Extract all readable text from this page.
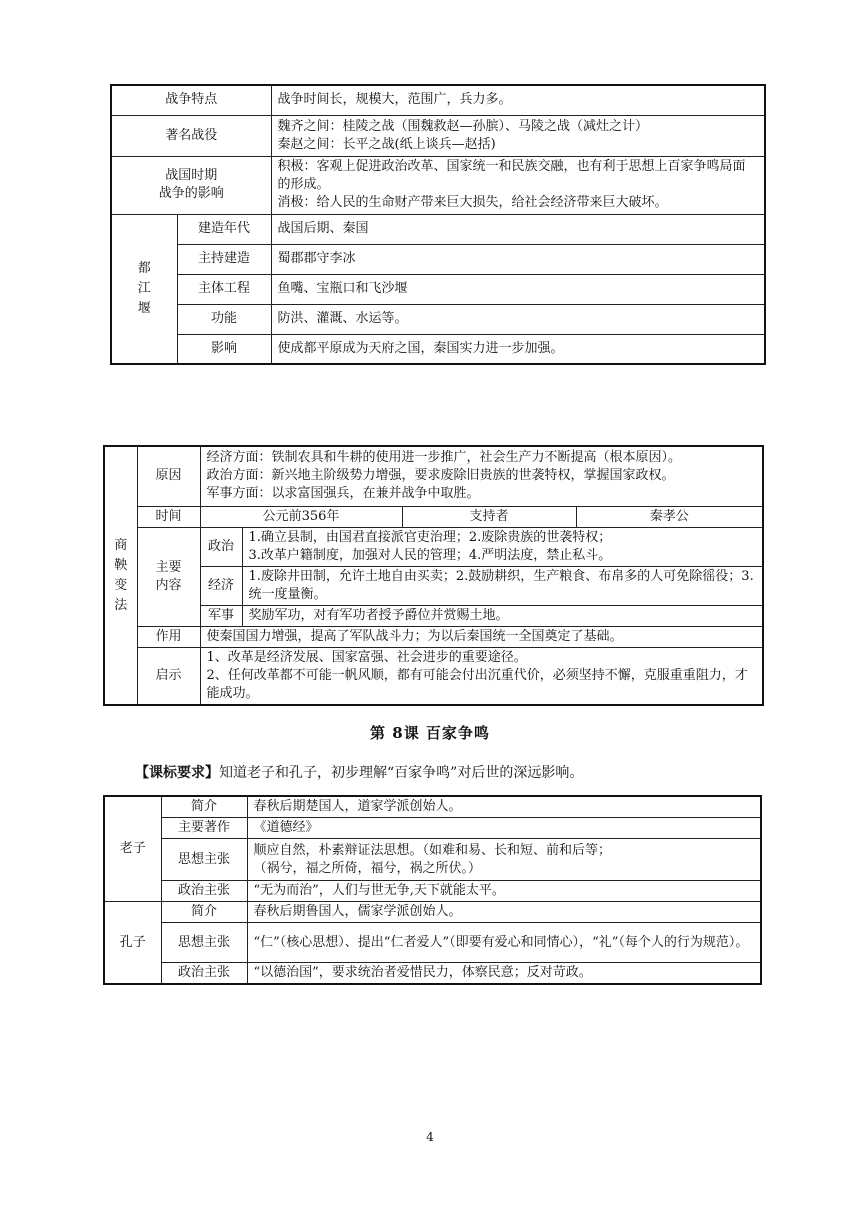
战争特点		战争时间长，规模大，范围广，兵力多。
著名战役		魏齐之间：桂陵之战（围魏救赵—孙膑）、马陵之战（减灶之计）
秦赵之间：长平之战(纸上谈兵—赵括)
战国时期
战争的影响		积极：客观上促进政治改革、国家统一和民族交融，也有利于思想上百家争鸣局面的形成。
消极：给人民的生命财产带来巨大损失，给社会经济带来巨大破坏。
都江堰	建造年代	战国后期、秦国
	主持建造	蜀郡郡守李冰
	主体工程	鱼嘴、宝瓶口和飞沙堰
	功能	防洪、灌溉、水运等。
	影响	使成都平原成为天府之国，秦国实力进一步加强。
商鞅变法	原因	经济方面：铁制农具和牛耕的使用进一步推广，社会生产力不断提高（根本原因）。
政治方面：新兴地主阶级势力增强，要求废除旧贵族的世袭特权，掌握国家政权。
军事方面：以求富国强兵，在兼并战争中取胜。			
	时间	公元前356年		支持者	秦孝公
	主要
内容	政治	1.确立县制，由国君直接派官吏治理；2.废除贵族的世袭特权；
3.改革户籍制度，加强对人民的管理；4.严明法度，禁止私斗。		
		经济	1.废除井田制，允许土地自由买卖；2.鼓励耕织，生产粮食、布帛多的人可免除徭役；3.统一度量衡。		
		军事	奖励军功，对有军功者授予爵位并赏赐土地。		
	作用	使秦国国力增强，提高了军队战斗力；为以后秦国统一全国奠定了基础。			
	启示	1、改革是经济发展、国家富强、社会进步的重要途径。
2、任何改革都不可能一帆风顺，都有可能会付出沉重代价，必须坚持不懈，克服重重阻力，才能成功。			
第 8课 百家争鸣
【课标要求】知道老子和孔子，初步理解“百家争鸣”对后世的深远影响。
老子	简介	春秋后期楚国人，道家学派创始人。
	主要著作	《道德经》
	思想主张	顺应自然，朴素辩证法思想。（如难和易、长和短、前和后等；
（祸兮，福之所倚，福兮，祸之所伏。）
	政治主张	“无为而治”，人们与世无争,天下就能太平。
孔子	简介	春秋后期鲁国人，儒家学派创始人。
	思想主张	“仁”（核心思想）、提出“仁者爱人”（即要有爱心和同情心），“礼”（每个人的行为规范）。
	政治主张	“以德治国”，要求统治者爱惜民力，体察民意；反对苛政。
4
